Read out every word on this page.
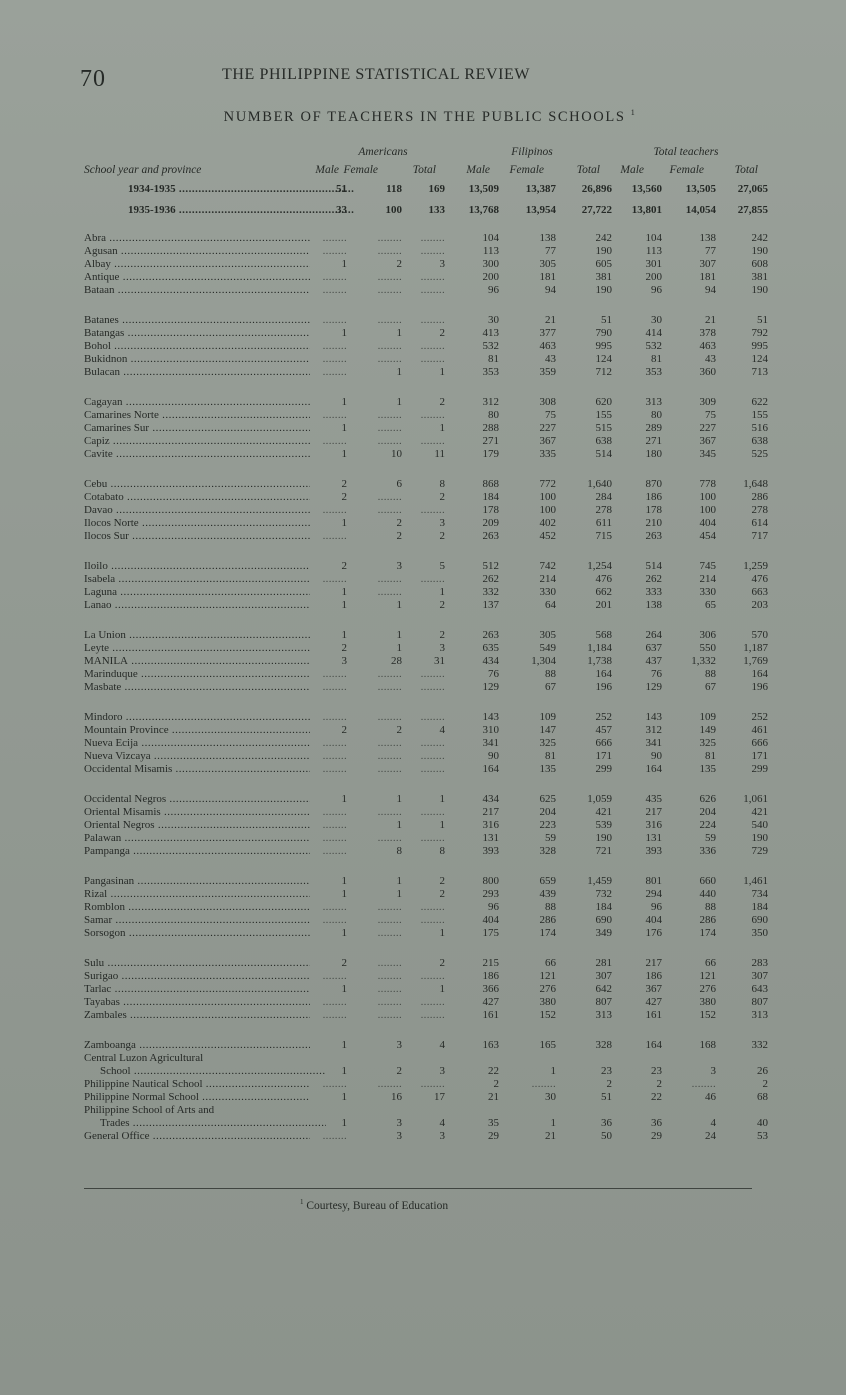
70	THE PHILIPPINE STATISTICAL REVIEW
NUMBER OF TEACHERS IN THE PUBLIC SCHOOLS $^1$
School year and province
Americans	Filipinos	Total teachers
Male Female	Total	Male Female	Total Male Female	Total
1934-1935 .....	51	118 169 13,509 13,387 26,896 13,560 13,505 27,065
1935-1936 .....	33	100 133 13,768 13,954 27,722 13,801 14,054 27,855
Abra ..... ........ ........ ........	104	138	242	104	138	242
Agusan ..... ........ ........ ........	113	77	190	113	77	190
Albay .....	1	2	3	300	305	605	301	307	608
Antique ..... ........ ........ ........	200	181	381	200	181	381
Bataan ..... ........ ........ ........	96	94	190	96	94	190
Batanes ..... ........ ........ ........	30	21	51	30	21	51
Batangas .....	1	1	2	413	377	790	414	378	792
Bohol ..... ........ ........ ........	532	463	995	532	463	995
Bukidnon ..... ........ ........ ........	81	43	124	81	43	124
Bulacan ..... ........	1	1	353	359	712	353	360	713
Cagayan .....	1	1	2	312	308	620	313	309	622
Camarines Norte ..... ........ ........ ........	80	75	155	80	75	155
Camarines Sur .....	1 ........	1	288	227	515	289	227	516
Capiz ..... ........ ........ ........	271	367	638	271	367	638
Cavite .....	1	10	11	179	335	514	180	345	525
Cebu .....	2	6	8	868	772	1,640	870	778 1,648
Cotabato .....	2 ........	2	184	100	284	186	100	286
Davao ..... ........ ........ ........	178	100	278	178	100	278
Ilocos Norte .....	1	2	3	209	402	611	210	404	614
Ilocos Sur ..... ........	2	2	263	452	715	263	454	717
Iloilo .....	2	3	5	512	742	1,254	514	745 1,259
Isabela ..... ........ ........ ........	262	214	476	262	214	476
Laguna .....	1 ........	1	332	330	662	333	330	663
Lanao .....	1	1	2	137	64	201	138	65	203
La Union .....	1	1	2	263	305	568	264	306	570
Leyte .....	2	1	3	635	549	1,184	637	550 1,187
MANILA .....	3	28	31	434	1,304	1,738	437	1,332 1,769
Marinduque ..... ........ ........ ........	76	88	164	76	88	164
Masbate ..... ........ ........ ........	129	67	196	129	67	196
Mindoro ..... ........ ........ ........	143	109	252	143	109	252
Mountain Province .....	2	2	4	310	147	457	312	149	461
Nueva Ecija ..... ........ ........ ........	341	325	666	341	325	666
Nueva Vizcaya ..... ........ ........ ........	90	81	171	90	81	171
Occidental Misamis ..... ........ ........ ........	164	135	299	164	135	299
Occidental Negros .....	1	1	1	434	625	1,059	435	626 1,061
Oriental Misamis ..... ........ ........ ........	217	204	421	217	204	421
Oriental Negros ..... ........	1	1	316	223	539	316	224	540
Palawan ..... ........ ........ ........	131	59	190	131	59	190
Pampanga ..... ........	8	8	393	328	721	393	336	729
Pangasinan .....	1	1	2	800	659	1,459	801	660 1,461
Rizal .....	1	1	2	293	439	732	294	440	734
Romblon ..... ........ ........ ........	96	88	184	96	88	184
Samar ..... ........ ........ ........	404	286	690	404	286	690
Sorsogon .....	1 ........	1	175	174	349	176	174	350
Sulu .....	2 ........	2	215	66	281	217	66	283
Surigao ..... ........ ........ ........	186	121	307	186	121	307
Tarlac .....	1 ........	1	366	276	642	367	276	643
Tayabas ..... ........ ........ ........	427	380	807	427	380	807
Zambales ..... ........ ........ ........	161	152	313	161	152	313
Zamboanga .....	1	3	4	163	165	328	164	168	332
Central Luzon Agricultural
School .....	1	2	3	22	1	23	23	3	26
Philippine Nautical School ..... ........ ........ ........	2 ........	2	2 ........	2
Philippine Normal School .....	1	16	17	21	30	51	22	46	68
Philippine School of Arts and
Trades .....	1	3	4	35	1	36	36	4	40
General Office ..... ........	3	3	29	21	50	29	24	53
$^1$ Courtesy, Bureau of Education
